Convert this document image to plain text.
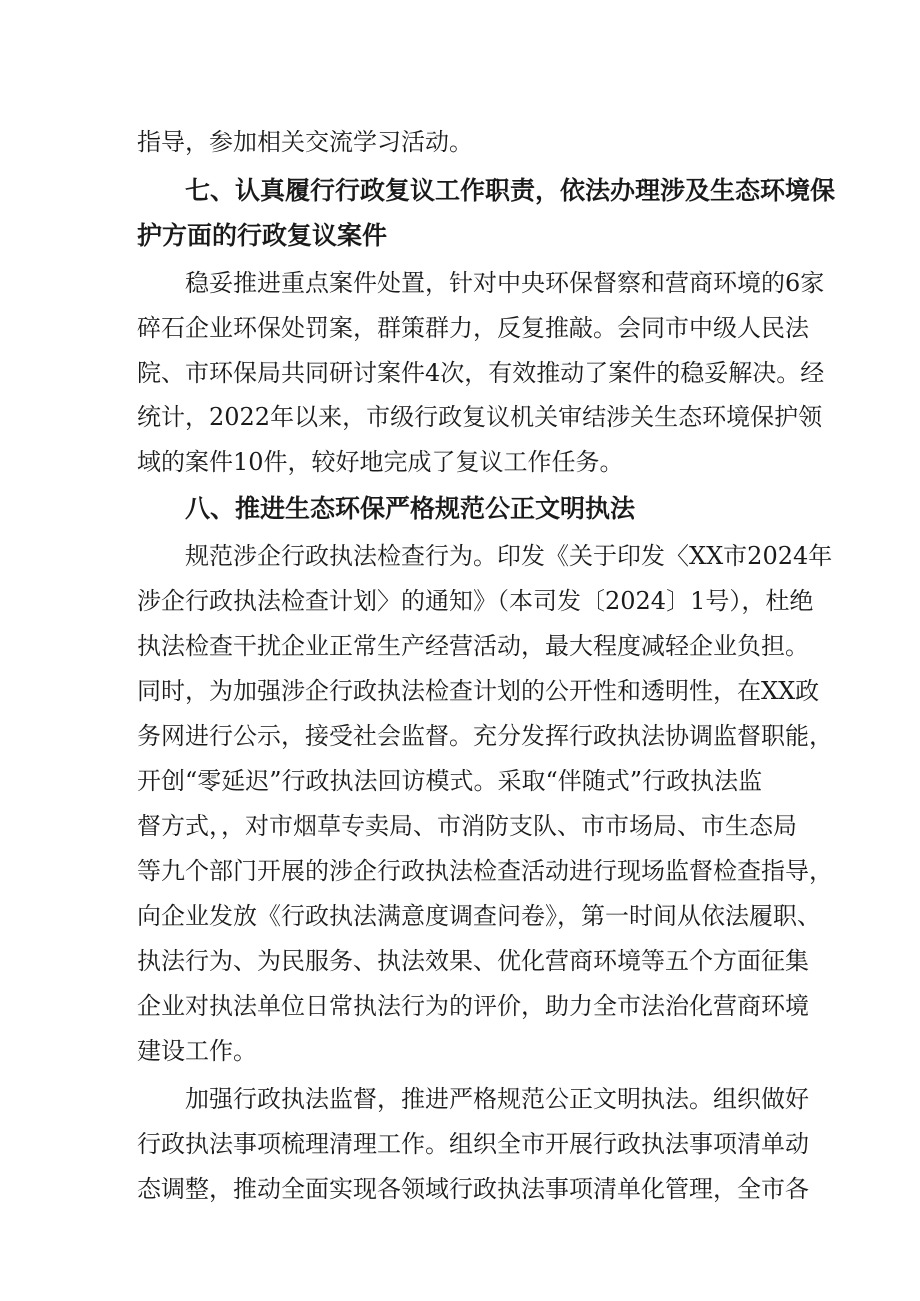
指导，参加相关交流学习活动。

七、认真履行行政复议工作职责，依法办理涉及生态环境保

护方面的行政复议案件

稳妥推进重点案件处置，针对中央环保督察和营商环境的6家

碎石企业环保处罚案，群策群力，反复推敲。会同市中级人民法

院、市环保局共同研讨案件4次，有效推动了案件的稳妥解决。经

统计，2022年以来，市级行政复议机关审结涉关生态环境保护领

域的案件10件，较好地完成了复议工作任务。

八、推进生态环保严格规范公正文明执法

规范涉企行政执法检查行为。印发《关于印发〈XX市2024年

涉企行政执法检查计划〉的通知》（本司发〔2024〕1号），杜绝

执法检查干扰企业正常生产经营活动，最大程度减轻企业负担。

同时，为加强涉企行政执法检查计划的公开性和透明性，在XX政

务网进行公示，接受社会监督。充分发挥行政执法协调监督职能，

开创“零延迟”行政执法回访模式。采取“伴随式”行政执法监

督方式，，对市烟草专卖局、市消防支队、市市场局、市生态局

等九个部门开展的涉企行政执法检查活动进行现场监督检查指导，

向企业发放《行政执法满意度调查问卷》，第一时间从依法履职、

执法行为、为民服务、执法效果、优化营商环境等五个方面征集

企业对执法单位日常执法行为的评价，助力全市法治化营商环境

建设工作。

加强行政执法监督，推进严格规范公正文明执法。组织做好

行政执法事项梳理清理工作。组织全市开展行政执法事项清单动

态调整，推动全面实现各领域行政执法事项清单化管理，全市各
